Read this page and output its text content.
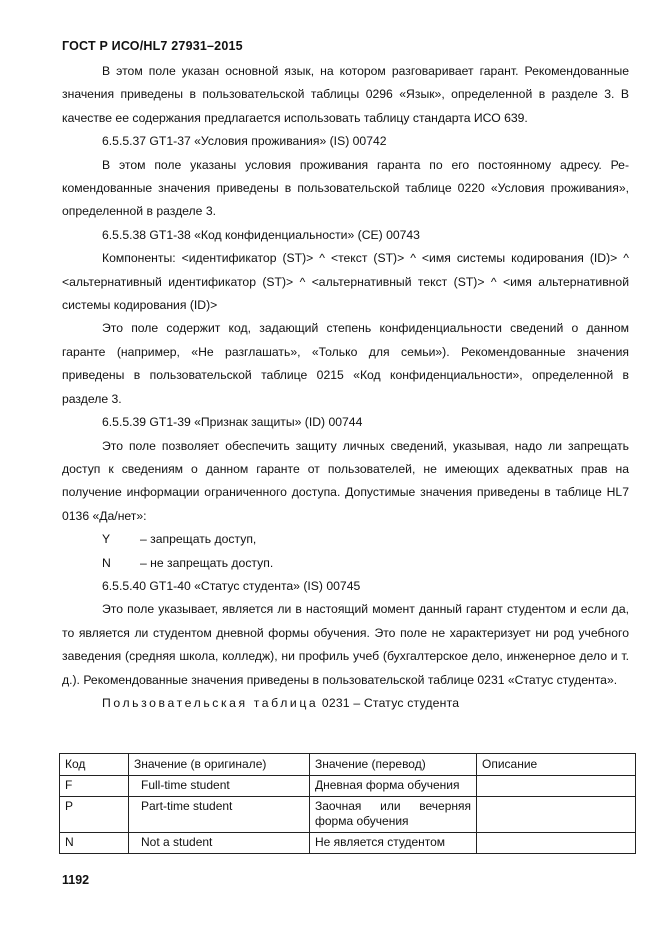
ГОСТ Р ИСО/HL7 27931–2015

В этом поле указан основной язык, на котором разговаривает гарант. Рекомендованные значения приведены в пользовательской таблицы 0296 «Язык», определенной в разделе 3. В качестве ее содержания предлагается использовать таблицу стандарта ИСО 639.

6.5.5.37 GT1-37 «Условия проживания» (IS) 00742

В этом поле указаны условия проживания гаранта по его постоянному адресу. Рекомендованные значения приведены в пользовательской таблице 0220 «Условия проживания», определенной в разделе 3.

6.5.5.38 GT1-38 «Код конфиденциальности» (СЕ) 00743

Компоненты: <идентификатор (ST)> ^ <текст (ST)> ^ <имя системы кодирования (ID)> ^ <альтернативный идентификатор (ST)> ^ <альтернативный текст (ST)> ^ <имя альтернативной системы кодирования (ID)>

Это поле содержит код, задающий степень конфиденциальности сведений о данном гаранте (например, «Не разглашать», «Только для семьи»). Рекомендованные значения приведены в пользовательской таблице 0215 «Код конфиденциальности», определенной в разделе 3.

6.5.5.39 GT1-39 «Признак защиты» (ID) 00744

Это поле позволяет обеспечить защиту личных сведений, указывая, надо ли запрещать доступ к сведениям о данном гаранте от пользователей, не имеющих адекватных прав на получение информации ограниченного доступа. Допустимые значения приведены в таблице HL7 0136 «Да/нет»:

Y	– запрещать доступ,
N	– не запрещать доступ.

6.5.5.40 GT1-40 «Статус студента» (IS) 00745

Это поле указывает, является ли в настоящий момент данный гарант студентом и если да, то является ли студентом дневной формы обучения. Это поле не характеризует ни род учебного заведения (средняя школа, колледж), ни профиль учеб (бухгалтерское дело, инженерное дело и т. д.). Рекомендованные значения приведены в пользовательской таблице 0231 «Статус студента».

Пользовательская таблица 0231 – Статус студента
Код	Значение (в оригинале)	Значение (перевод)	Описание
F	Full-time student	Дневная форма обучения	
P	Part-time student	Заочная или вечерняя форма обучения	
N	Not a student	Не является студентом	
1192
